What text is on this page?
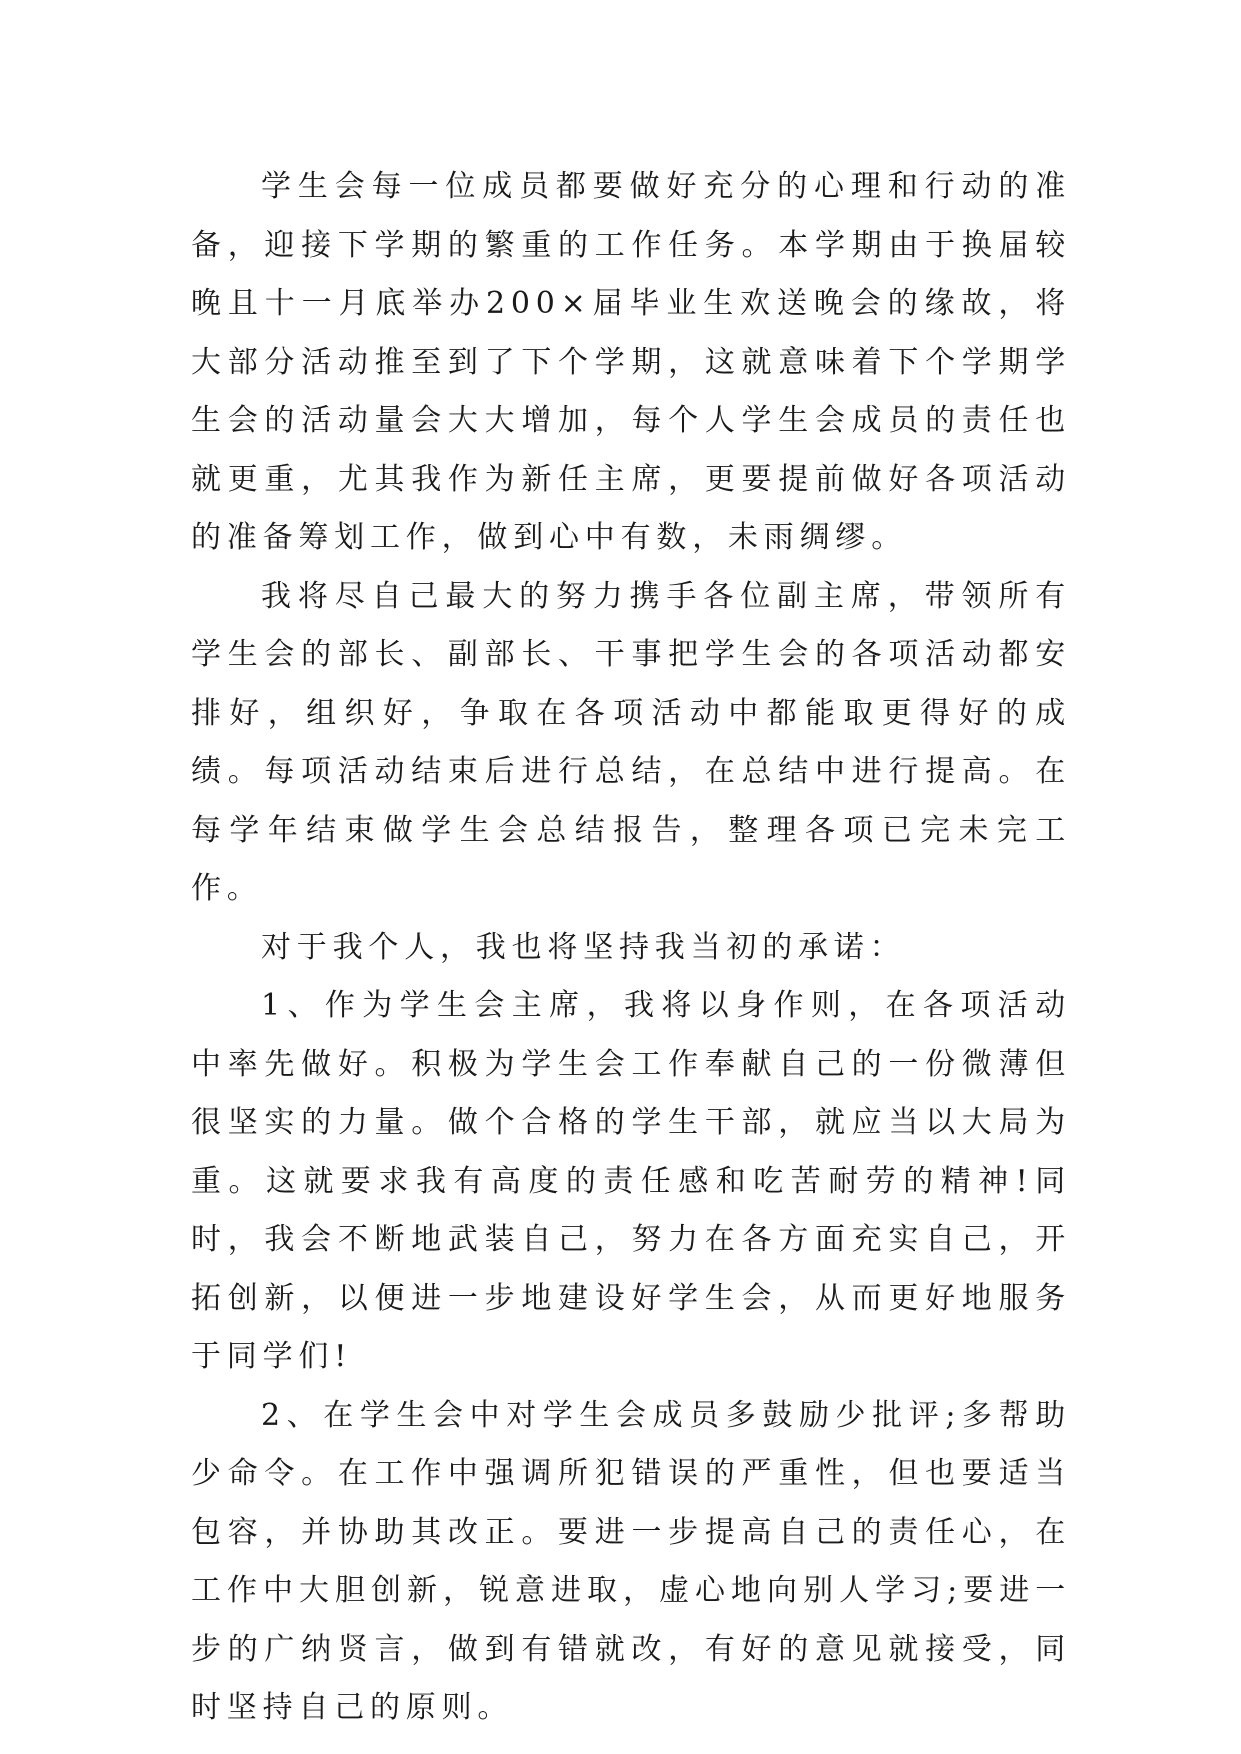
学生会每一位成员都要做好充分的心理和行动的准备，迎接下学期的繁重的工作任务。本学期由于换届较晚且十一月底举办200×届毕业生欢送晚会的缘故，将大部分活动推至到了下个学期，这就意味着下个学期学生会的活动量会大大增加，每个人学生会成员的责任也就更重，尤其我作为新任主席，更要提前做好各项活动的准备筹划工作，做到心中有数，未雨绸缪。

我将尽自己最大的努力携手各位副主席，带领所有学生会的部长、副部长、干事把学生会的各项活动都安排好，组织好，争取在各项活动中都能取更得好的成绩。每项活动结束后进行总结，在总结中进行提高。在每学年结束做学生会总结报告，整理各项已完未完工作。

对于我个人，我也将坚持我当初的承诺：

1、作为学生会主席，我将以身作则，在各项活动中率先做好。积极为学生会工作奉献自己的一份微薄但很坚实的力量。做个合格的学生干部，就应当以大局为重。这就要求我有高度的责任感和吃苦耐劳的精神!同时，我会不断地武装自己，努力在各方面充实自己，开拓创新，以便进一步地建设好学生会，从而更好地服务于同学们!

2、在学生会中对学生会成员多鼓励少批评;多帮助少命令。在工作中强调所犯错误的严重性，但也要适当包容，并协助其改正。要进一步提高自己的责任心，在工作中大胆创新，锐意进取，虚心地向别人学习;要进一步的广纳贤言，做到有错就改，有好的意见就接受，同时坚持自己的原则。
